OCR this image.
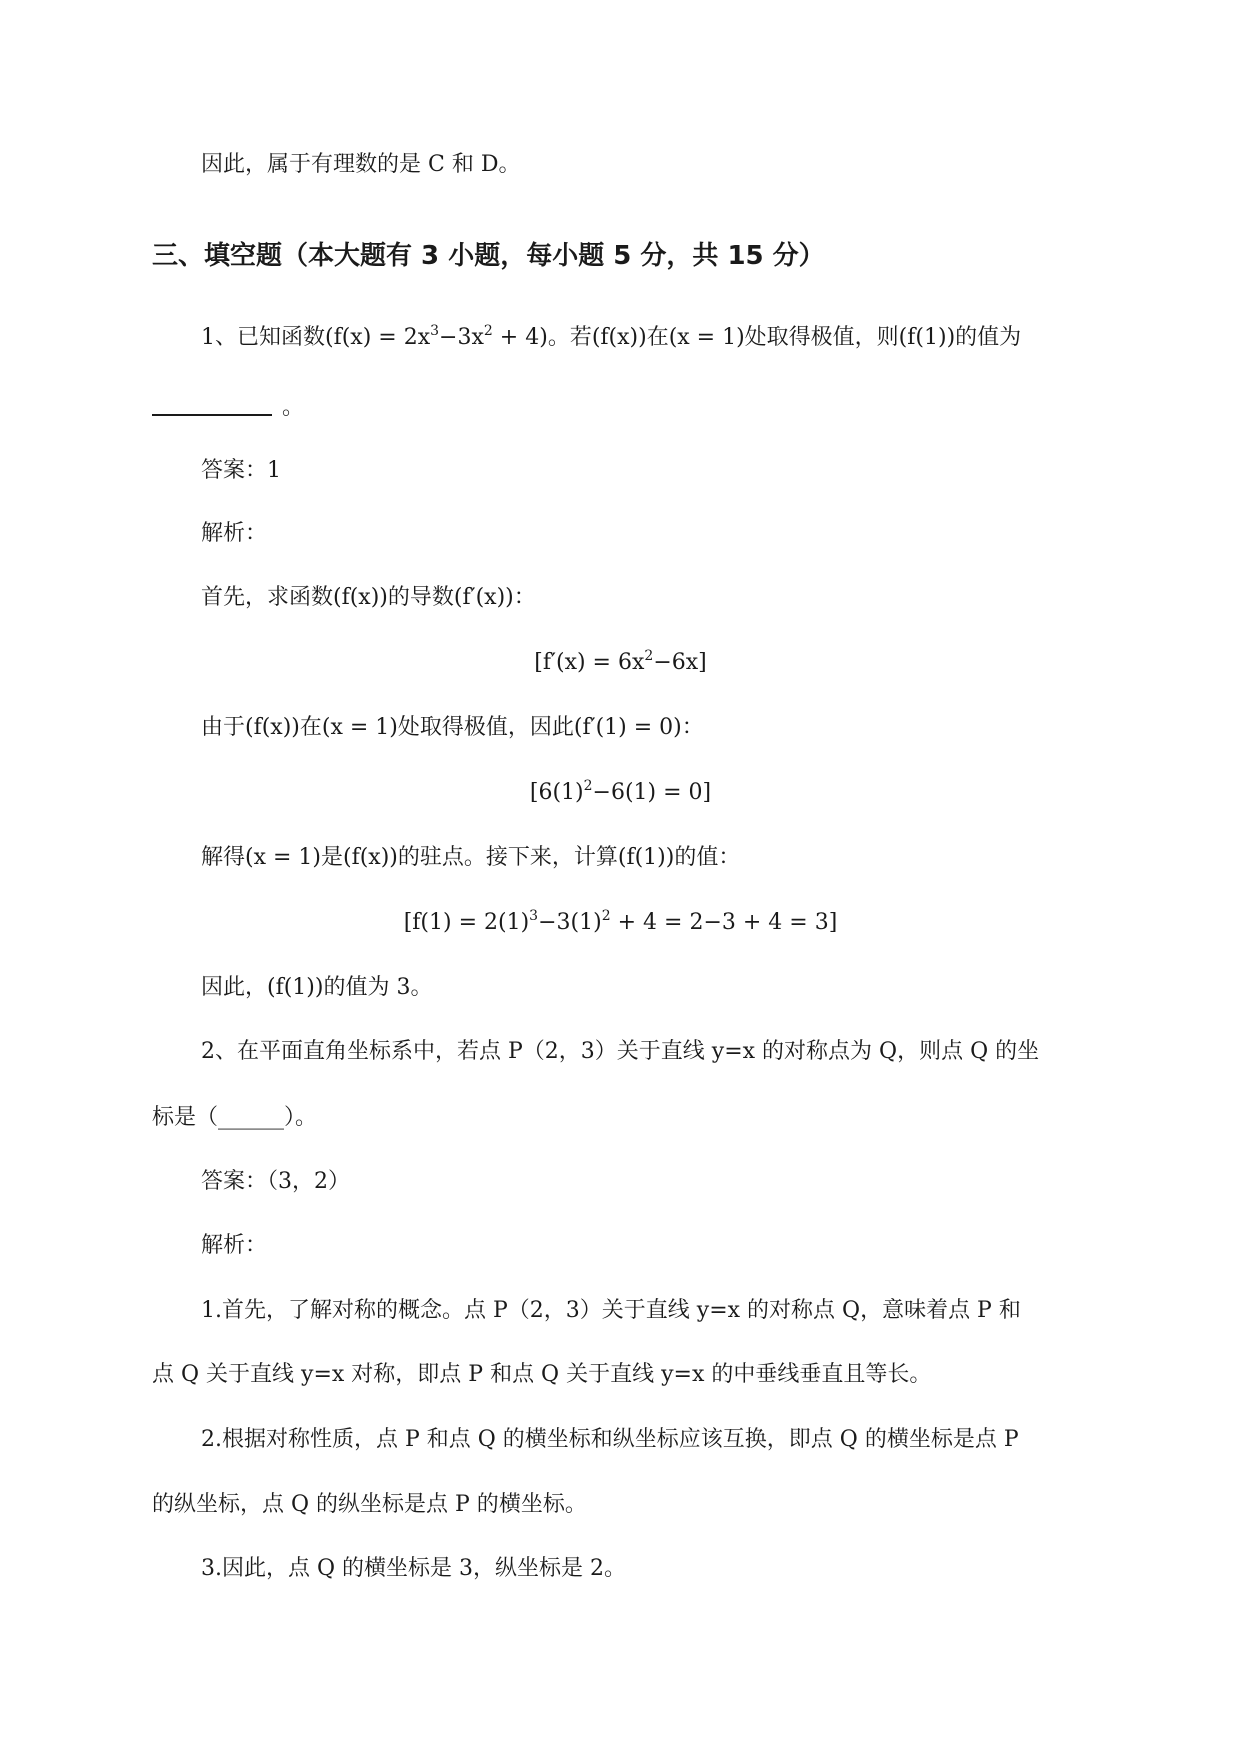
因此，属于有理数的是 C 和 D。
三、填空题（本大题有 3 小题，每小题 5 分，共 15 分）
1、已知函数$(f(x) = 2x^3-3x^2 + 4)$。若(f(x))在(x = 1)处取得极值，则(f(1))的值为
。
答案：1
解析：
首先，求函数(f(x))的导数(f′(x))：
$[f'(x) = 6x^2-6x]$
由于(f(x))在(x = 1)处取得极值，因此(f′(1) = 0)：
$[6(1)^2-6(1) = 0]$
解得(x = 1)是(f(x))的驻点。接下来，计算(f(1))的值：
$[f(1) = 2(1)^3-3(1)^2 + 4 = 2-3 + 4 = 3]$
因此，(f(1))的值为 3。
2、在平面直角坐标系中，若点 P（2，3）关于直线 y=x 的对称点为 Q，则点 Q 的坐
标是（______）。
答案：（3，2）
解析：
1.首先，了解对称的概念。点 P（2，3）关于直线 y=x 的对称点 Q，意味着点 P 和
点 Q 关于直线 y=x 对称，即点 P 和点 Q 关于直线 y=x 的中垂线垂直且等长。
2.根据对称性质，点 P 和点 Q 的横坐标和纵坐标应该互换，即点 Q 的横坐标是点 P
的纵坐标，点 Q 的纵坐标是点 P 的横坐标。
3.因此，点 Q 的横坐标是 3，纵坐标是 2。
